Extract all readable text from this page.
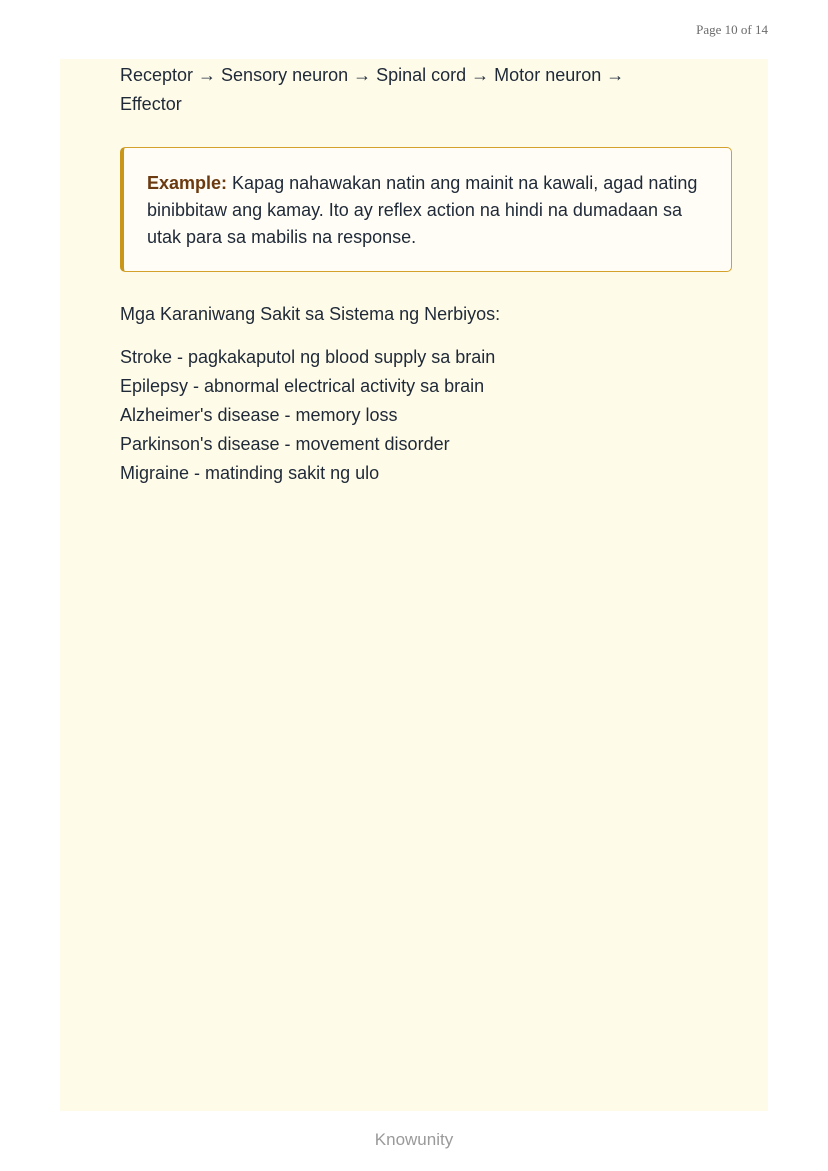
Page 10 of 14

Receptor → Sensory neuron → Spinal cord → Motor neuron →

Effector

Example: Kapag nahawakan natin ang mainit na kawali, agad nating binibbitaw ang kamay. Ito ay reflex action na hindi na dumadaan sa utak para sa mabilis na response.

Mga Karaniwang Sakit sa Sistema ng Nerbiyos:

Stroke - pagkakaputol ng blood supply sa brain
Epilepsy - abnormal electrical activity sa brain
Alzheimer's disease - memory loss
Parkinson's disease - movement disorder
Migraine - matinding sakit ng ulo
Knowunity
